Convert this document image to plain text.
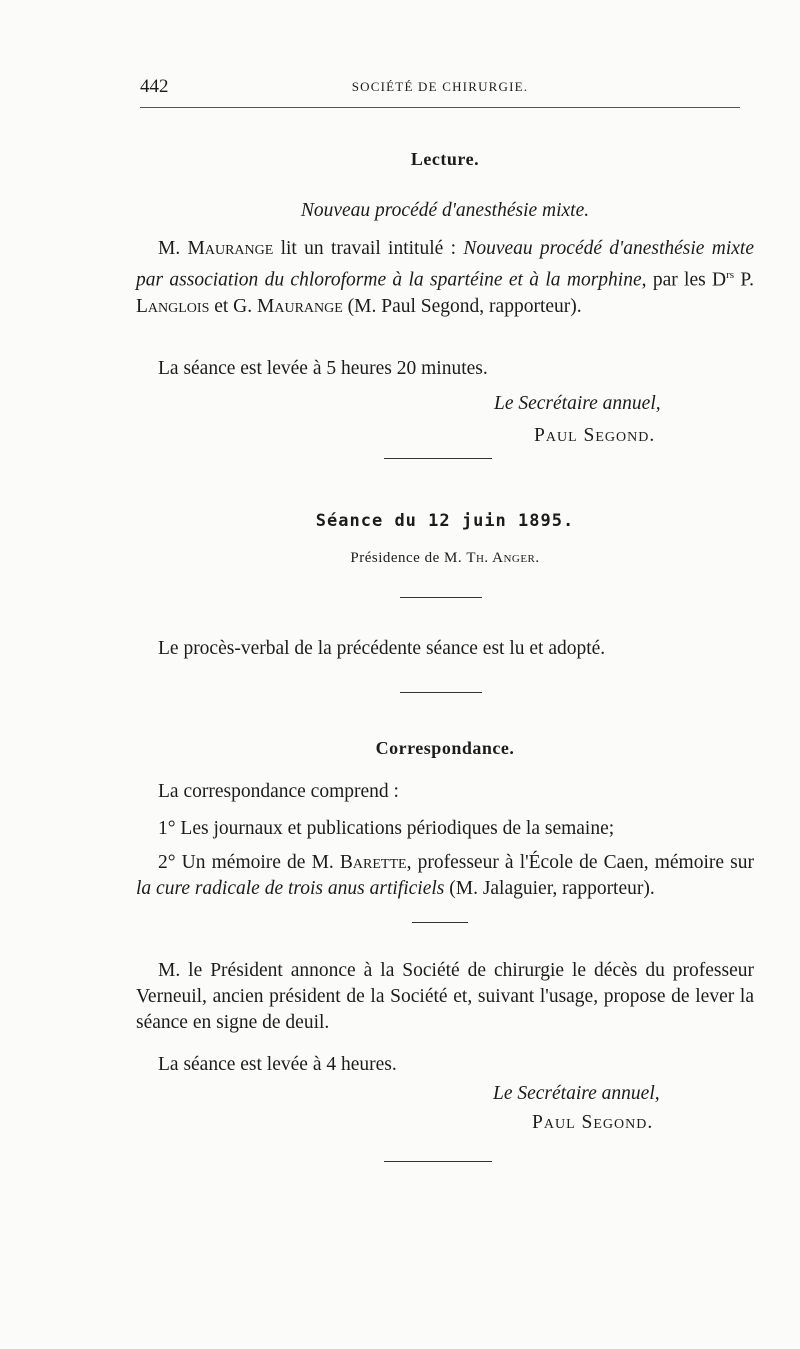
442	SOCIÉTÉ DE CHIRURGIE.
Lecture.
Nouveau procédé d'anesthésie mixte.
M. Maurange lit un travail intitulé : Nouveau procédé d'anesthésie mixte par association du chloroforme à la spartéine et à la morphine, par les $D^{rs}$ P. Langlois et G. Maurange (M. Paul Segond, rapporteur).
La séance est levée à 5 heures 20 minutes.
Le Secrétaire annuel,
Paul Segond.
Séance du 12 juin 1895.
Présidence de M. Th. Anger.
Le procès-verbal de la précédente séance est lu et adopté.
Correspondance.
La correspondance comprend :
1° Les journaux et publications périodiques de la semaine;
2° Un mémoire de M. Barette, professeur à l'École de Caen, mémoire sur la cure radicale de trois anus artificiels (M. Jalaguier, rapporteur).
M. le Président annonce à la Société de chirurgie le décès du professeur Verneuil, ancien président de la Société et, suivant l'usage, propose de lever la séance en signe de deuil.
La séance est levée à 4 heures.
Le Secrétaire annuel,
Paul Segond.
